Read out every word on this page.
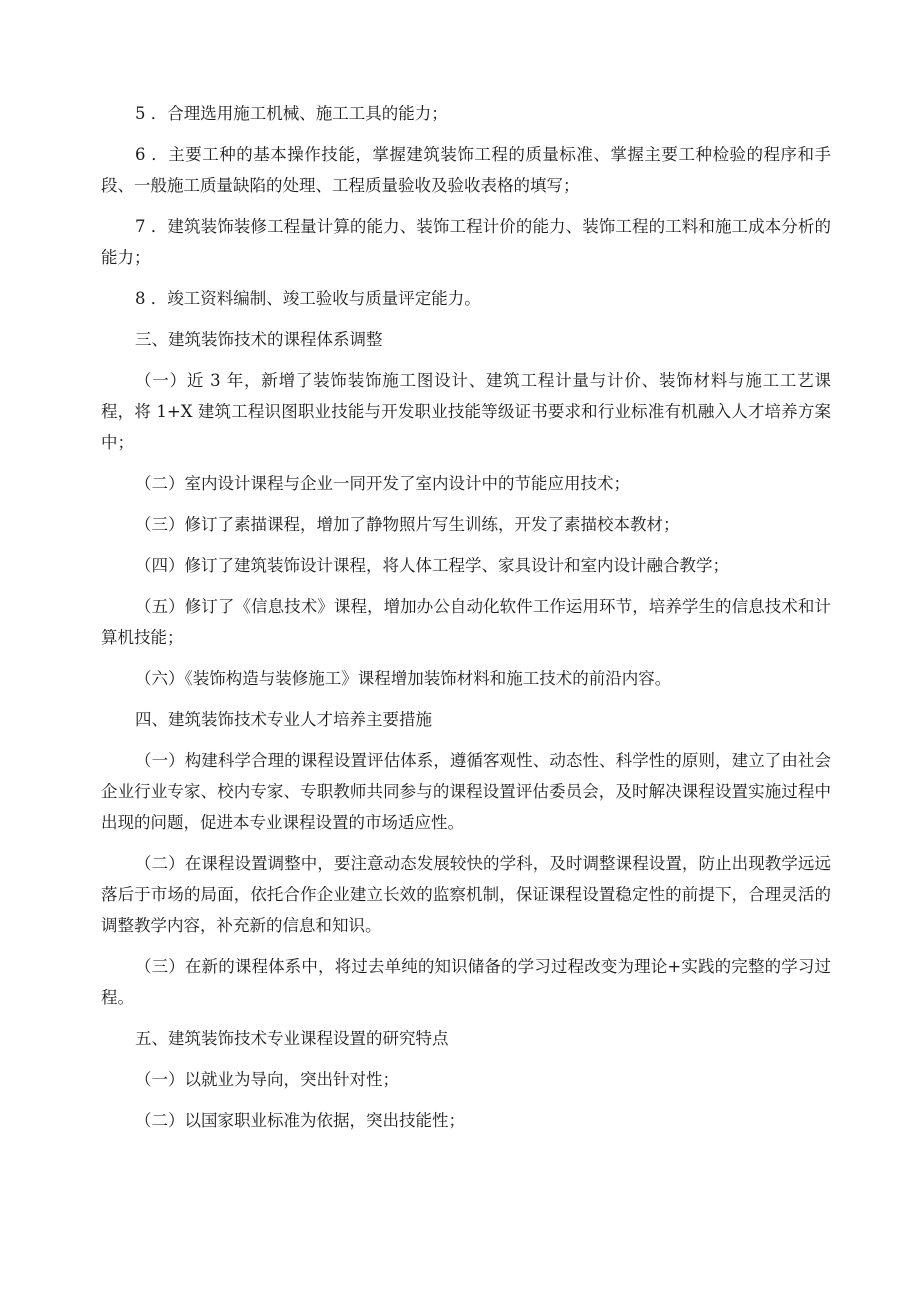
5 ．合理选用施工机械、施工工具的能力；

6 ．主要工种的基本操作技能，掌握建筑装饰工程的质量标准、掌握主要工种检验的程序和手段、一般施工质量缺陷的处理、工程质量验收及验收表格的填写；

7 ．建筑装饰装修工程量计算的能力、装饰工程计价的能力、装饰工程的工料和施工成本分析的能力；

8 ．竣工资料编制、竣工验收与质量评定能力。

三、建筑装饰技术的课程体系调整

（一）近 3 年，新增了装饰装饰施工图设计、建筑工程计量与计价、装饰材料与施工工艺课程，将 1+X 建筑工程识图职业技能与开发职业技能等级证书要求和行业标准有机融入人才培养方案中；

（二）室内设计课程与企业一同开发了室内设计中的节能应用技术；

（三）修订了素描课程，增加了静物照片写生训练，开发了素描校本教材；

（四）修订了建筑装饰设计课程，将人体工程学、家具设计和室内设计融合教学；

（五）修订了《信息技术》课程，增加办公自动化软件工作运用环节，培养学生的信息技术和计算机技能；

（六）《装饰构造与装修施工》课程增加装饰材料和施工技术的前沿内容。

四、建筑装饰技术专业人才培养主要措施

（一）构建科学合理的课程设置评估体系，遵循客观性、动态性、科学性的原则，建立了由社会企业行业专家、校内专家、专职教师共同参与的课程设置评估委员会，及时解决课程设置实施过程中出现的问题，促进本专业课程设置的市场适应性。

（二）在课程设置调整中，要注意动态发展较快的学科，及时调整课程设置，防止出现教学远远落后于市场的局面，依托合作企业建立长效的监察机制，保证课程设置稳定性的前提下，合理灵活的调整教学内容，补充新的信息和知识。

（三）在新的课程体系中，将过去单纯的知识储备的学习过程改变为理论+实践的完整的学习过程。

五、建筑装饰技术专业课程设置的研究特点

（一）以就业为导向，突出针对性；

（二）以国家职业标准为依据，突出技能性；
